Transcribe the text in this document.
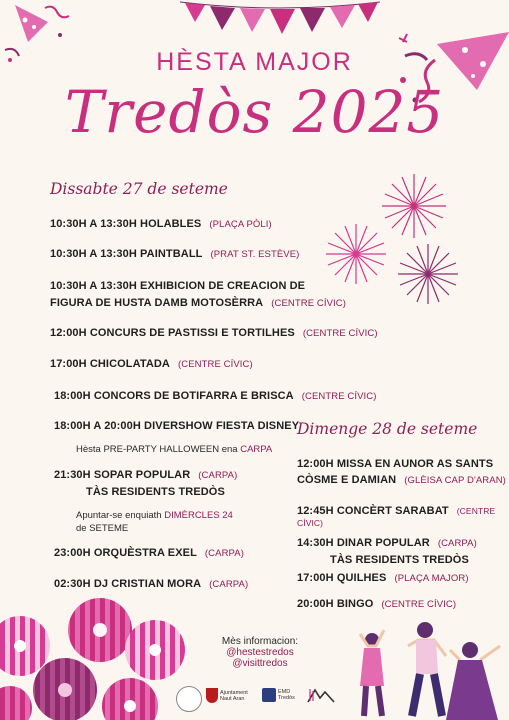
HÈSTA MAJOR
Tredòs 2025
Dissabte 27 de seteme
10:30H A 13:30H HOLABLES (PLAÇA PÒLI)
10:30H A 13:30H PAINTBALL (PRAT ST. ESTÈVE)
10:30H A 13:30H EXHIBICION DE CREACION DE
FIGURA DE HUSTA DAMB MOTOSÈRRA (CENTRE CÍVIC)
12:00H CONCURS DE PASTISSI E TORTILHES (CENTRE CÍVIC)
17:00H CHICOLATADA (CENTRE CÍVIC)
18:00H CONCORS DE BOTIFARRA E BRISCA (CENTRE CÍVIC)
18:00H A 20:00H DIVERSHOW FIESTA DISNEY
Hèsta PRE-PARTY HALLOWEEN ena CARPA
21:30H SOPAR POPULAR (CARPA)
TÀS RESIDENTS TREDÒS
Apuntar-se enquiath DIMÈRCLES 24
de SETEME
23:00H ORQUÈSTRA EXEL (CARPA)
02:30H DJ CRISTIAN MORA (CARPA)
Dimenge 28 de seteme
12:00H MISSA EN AUNOR AS SANTS
CÒSME E DAMIAN (GLÈISA CAP D'ARAN)
12:45H CONCÈRT SARABAT (CENTRE CÍVIC)
14:30H DINAR POPULAR (CARPA)
TÀS RESIDENTS TREDÒS
17:00H QUILHES (PLAÇA MAJOR)
20:00H BINGO (CENTRE CÍVIC)
Mès informacion:
@hestestredos
@visittredos
Ajuntament
Naut Aran
EMD
Tredòs
